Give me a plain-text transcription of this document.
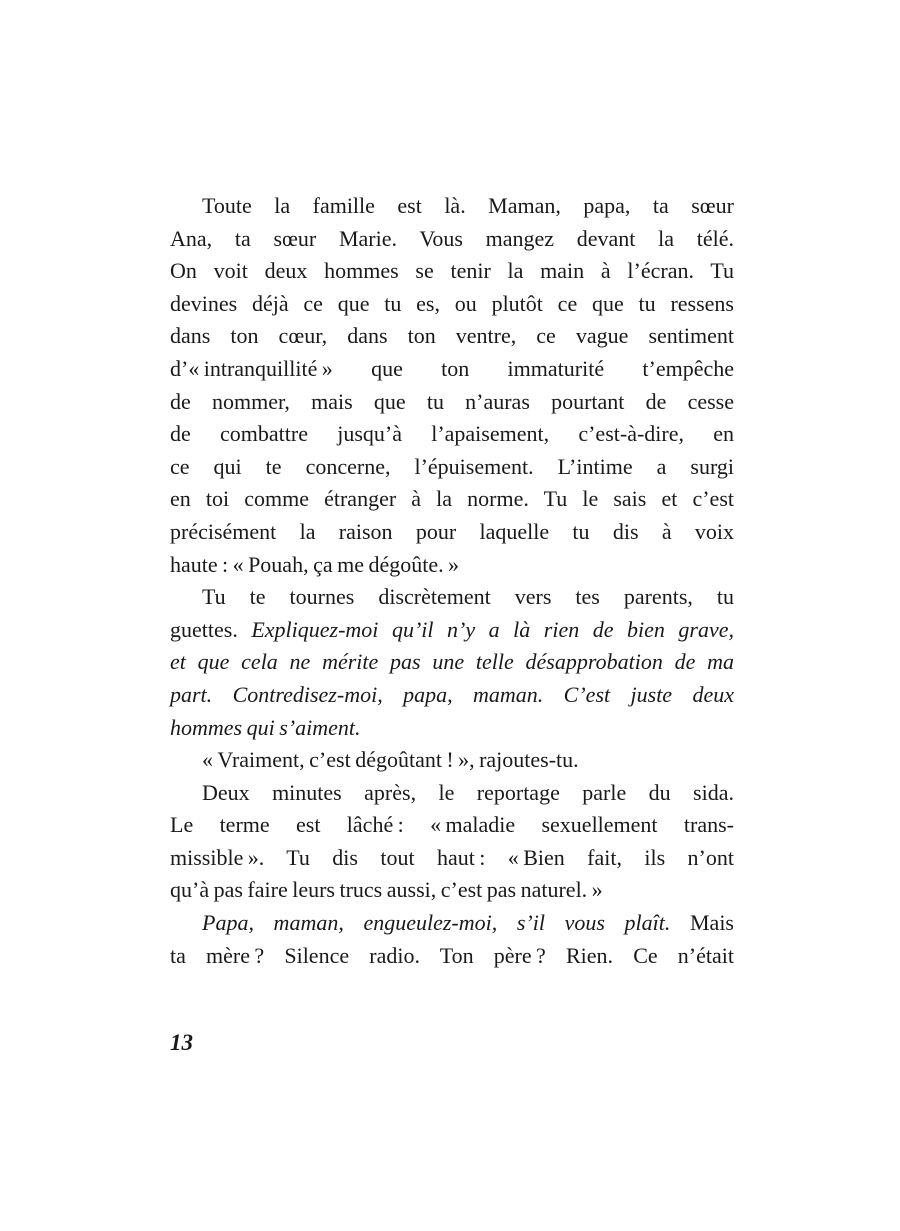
Toute la famille est là. Maman, papa, ta sœur
Ana, ta sœur Marie. Vous mangez devant la télé.
On voit deux hommes se tenir la main à l’écran. Tu
devines déjà ce que tu es, ou plutôt ce que tu ressens
dans ton cœur, dans ton ventre, ce vague sentiment
d’« intranquillité » que ton immaturité t’empêche
de nommer, mais que tu n’auras pourtant de cesse
de combattre jusqu’à l’apaisement, c’est-à-dire, en
ce qui te concerne, l’épuisement. L’intime a surgi
en toi comme étranger à la norme. Tu le sais et c’est
précisément la raison pour laquelle tu dis à voix
haute : « Pouah, ça me dégoûte. »
Tu te tournes discrètement vers tes parents, tu
guettes. Expliquez-moi qu’il n’y a là rien de bien grave,
et que cela ne mérite pas une telle désapprobation de ma
part. Contredisez-moi, papa, maman. C’est juste deux
hommes qui s’aiment.
« Vraiment, c’est dégoûtant ! », rajoutes-tu.
Deux minutes après, le reportage parle du sida.
Le terme est lâché : « maladie sexuellement trans-
missible ». Tu dis tout haut : « Bien fait, ils n’ont
qu’à pas faire leurs trucs aussi, c’est pas naturel. »
Papa, maman, engueulez-moi, s’il vous plaît. Mais
ta mère ? Silence radio. Ton père ? Rien. Ce n’était
13
